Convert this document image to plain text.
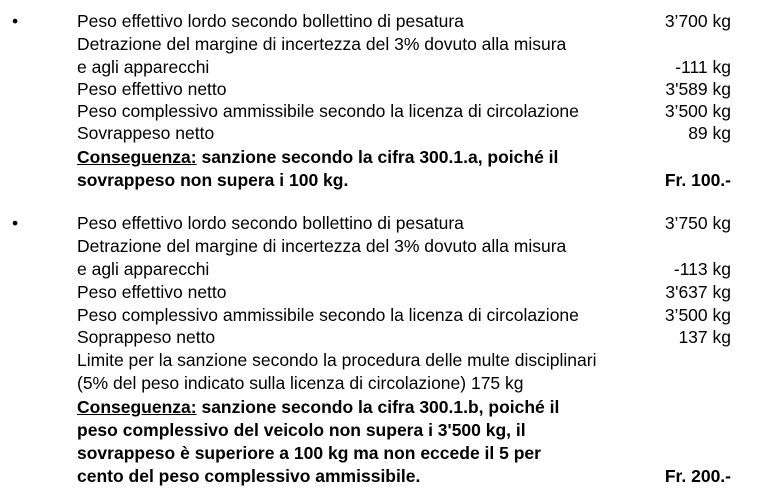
•	Peso effettivo lordo secondo bollettino di pesatura	3’700 kg
Detrazione del margine di incertezza del 3% dovuto alla misura
e agli apparecchi	-111 kg
Peso effettivo netto	3'589 kg
Peso complessivo ammissibile secondo la licenza di circolazione	3’500 kg
Sovrappeso netto	89 kg
Conseguenza: sanzione secondo la cifra 300.1.a, poiché il
sovrappeso non supera i 100 kg.	Fr. 100.-
•	Peso effettivo lordo secondo bollettino di pesatura	3’750 kg
Detrazione del margine di incertezza del 3% dovuto alla misura
e agli apparecchi	-113 kg
Peso effettivo netto	3'637 kg
Peso complessivo ammissibile secondo la licenza di circolazione	3’500 kg
Soprappeso netto	137 kg
Limite per la sanzione secondo la procedura delle multe disciplinari
(5% del peso indicato sulla licenza di circolazione) 175 kg
Conseguenza: sanzione secondo la cifra 300.1.b, poiché il
peso complessivo del veicolo non supera i 3'500 kg, il
sovrappeso è superiore a 100 kg ma non eccede il 5 per
cento del peso complessivo ammissibile.	Fr. 200.-
